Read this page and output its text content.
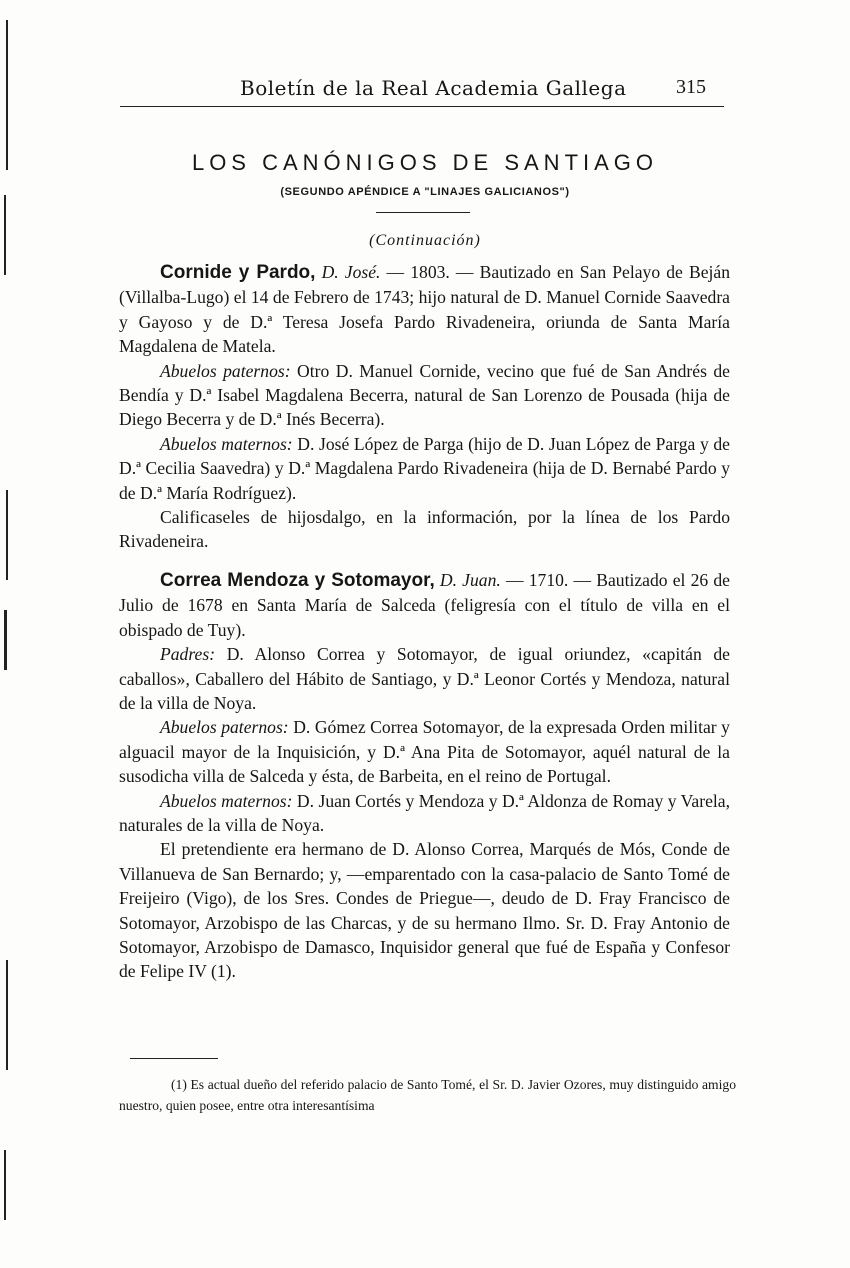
Boletín de la Real Academia Gallega 315
LOS CANÓNIGOS DE SANTIAGO
(SEGUNDO APÉNDICE A "LINAJES GALICIANOS")
(Continuación)

Cornide y Pardo, D. José. — 1803. — Bautizado en San Pelayo de Beján (Villalba-Lugo) el 14 de Febrero de 1743; hijo natural de D. Manuel Cornide Saavedra y Gayoso y de D.ª Teresa Josefa Pardo Rivadeneira, oriunda de Santa María Magdalena de Matela.

Abuelos paternos: Otro D. Manuel Cornide, vecino que fué de San Andrés de Bendía y D.ª Isabel Magdalena Becerra, natural de San Lorenzo de Pousada (hija de Diego Becerra y de D.ª Inés Becerra).

Abuelos maternos: D. José López de Parga (hijo de D. Juan López de Parga y de D.ª Cecilia Saavedra) y D.ª Magdalena Pardo Rivadeneira (hija de D. Bernabé Pardo y de D.ª María Rodríguez).

Calificaseles de hijosdalgo, en la información, por la línea de los Pardo Rivadeneira.

Correa Mendoza y Sotomayor, D. Juan. — 1710. — Bautizado el 26 de Julio de 1678 en Santa María de Salceda (feligresía con el título de villa en el obispado de Tuy).

Padres: D. Alonso Correa y Sotomayor, de igual oriundez, «capitán de caballos», Caballero del Hábito de Santiago, y D.ª Leonor Cortés y Mendoza, natural de la villa de Noya.

Abuelos paternos: D. Gómez Correa Sotomayor, de la expresada Orden militar y alguacil mayor de la Inquisición, y D.ª Ana Pita de Sotomayor, aquél natural de la susodicha villa de Salceda y ésta, de Barbeita, en el reino de Portugal.

Abuelos maternos: D. Juan Cortés y Mendoza y D.ª Aldonza de Romay y Varela, naturales de la villa de Noya.

El pretendiente era hermano de D. Alonso Correa, Marqués de Mós, Conde de Villanueva de San Bernardo; y, —emparentado con la casa-palacio de Santo Tomé de Freijeiro (Vigo), de los Sres. Condes de Priegue—, deudo de D. Fray Francisco de Sotomayor, Arzobispo de las Charcas, y de su hermano Ilmo. Sr. D. Fray Antonio de Sotomayor, Arzobispo de Damasco, Inquisidor general que fué de España y Confesor de Felipe IV (1).

(1) Es actual dueño del referido palacio de Santo Tomé, el Sr. D. Javier Ozores, muy distinguido amigo nuestro, quien posee, entre otra interesantísima
